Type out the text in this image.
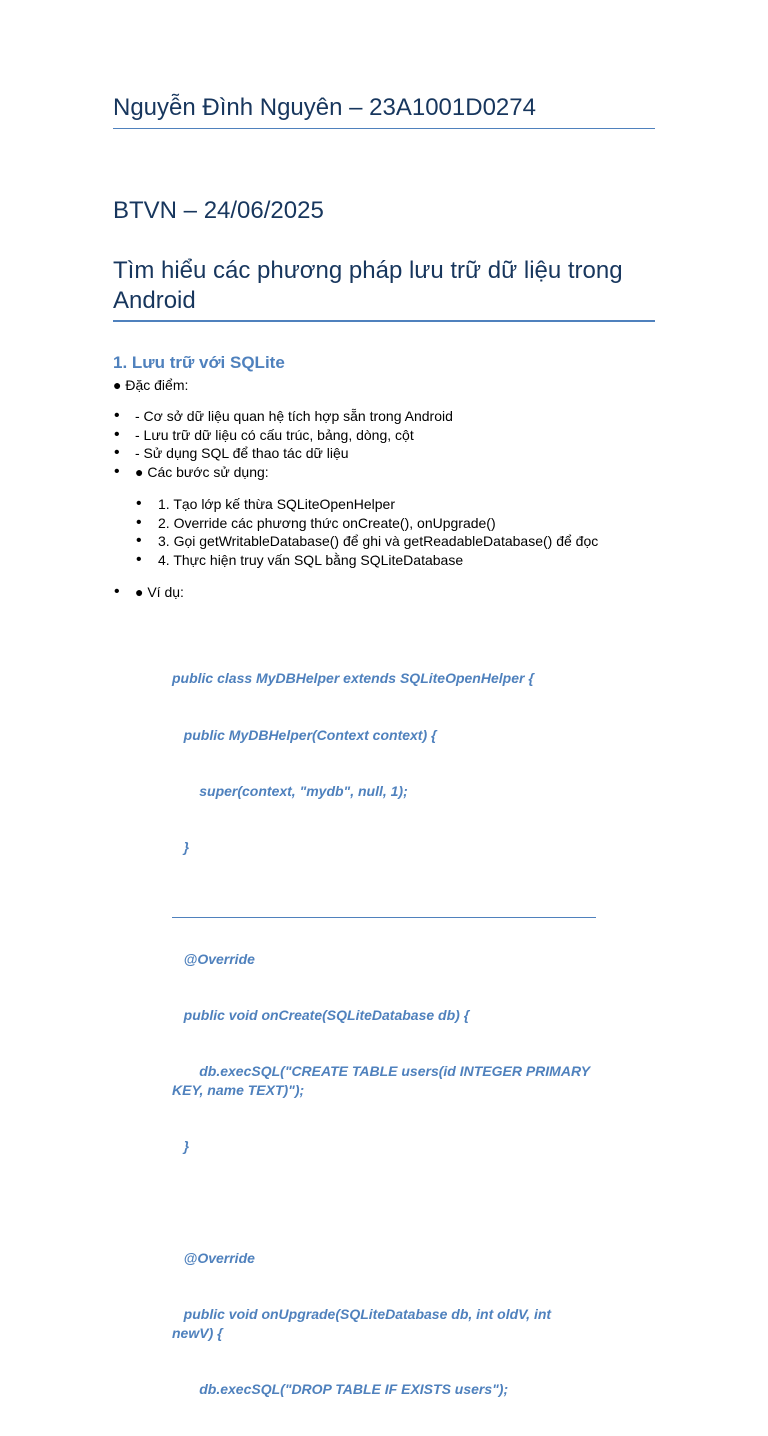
Nguyễn Đình Nguyên – 23A1001D0274
BTVN – 24/06/2025
Tìm hiểu các phương pháp lưu trữ dữ liệu trong Android
1. Lưu trữ với SQLite
● Đặc điểm:
• - Cơ sở dữ liệu quan hệ tích hợp sẵn trong Android
• - Lưu trữ dữ liệu có cấu trúc, bảng, dòng, cột
• - Sử dụng SQL để thao tác dữ liệu
• ● Các bước sử dụng:
• 1. Tạo lớp kế thừa SQLiteOpenHelper
• 2. Override các phương thức onCreate(), onUpgrade()
• 3. Gọi getWritableDatabase() để ghi và getReadableDatabase() để đọc
• 4. Thực hiện truy vấn SQL bằng SQLiteDatabase
• ● Ví dụ:

public class MyDBHelper extends SQLiteOpenHelper {

public MyDBHelper(Context context) {

super(context, "mydb", null, 1);

}

@Override

public void onCreate(SQLiteDatabase db) {

db.execSQL("CREATE TABLE users(id INTEGER PRIMARY KEY, name TEXT)");

}

@Override

public void onUpgrade(SQLiteDatabase db, int oldV, int newV) {

db.execSQL("DROP TABLE IF EXISTS users");
